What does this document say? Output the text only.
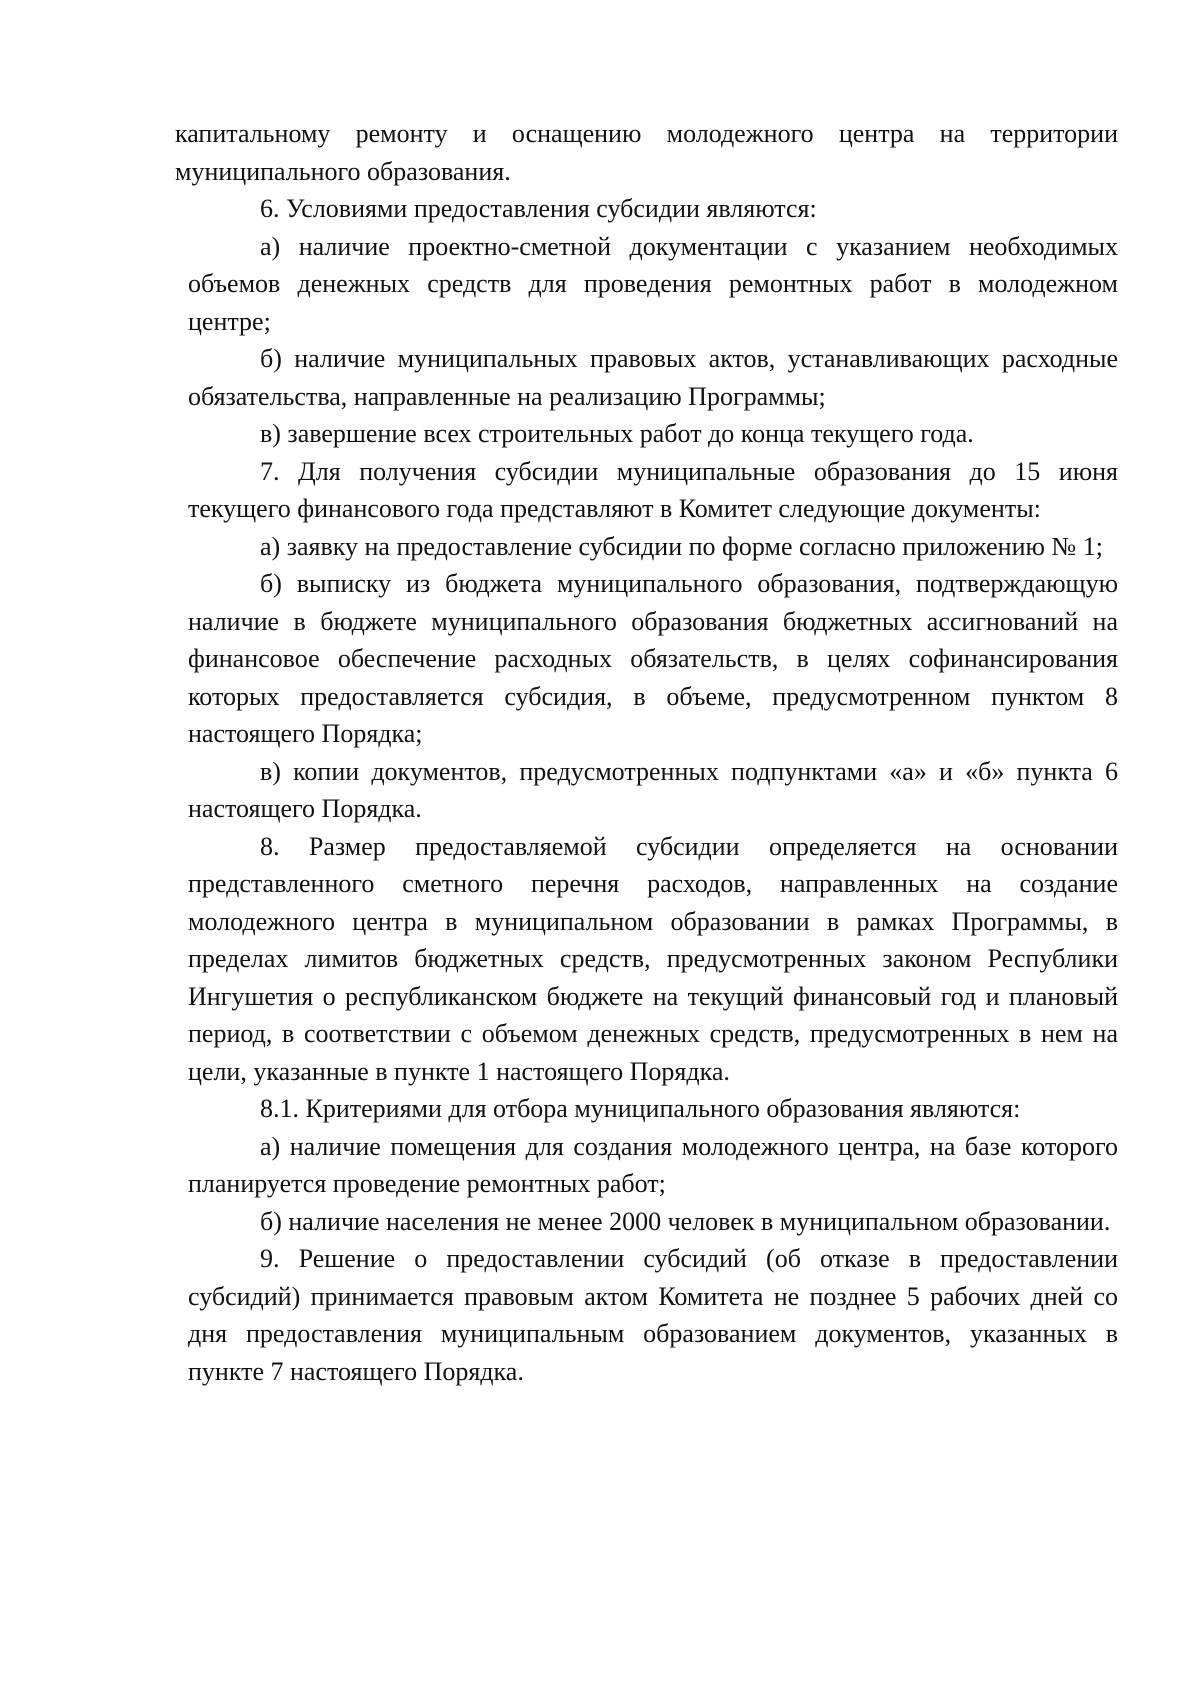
капитальному ремонту и оснащению молодежного центра на территории муниципального образования.

6. Условиями предоставления субсидии являются:

а) наличие проектно-сметной документации с указанием необходимых объемов денежных средств для проведения ремонтных работ в молодежном центре;

б) наличие муниципальных правовых актов, устанавливающих расходные обязательства, направленные на реализацию Программы;

в) завершение всех строительных работ до конца текущего года.

7. Для получения субсидии муниципальные образования до 15 июня текущего финансового года представляют в Комитет следующие документы:

а) заявку на предоставление субсидии по форме согласно приложению № 1;

б) выписку из бюджета муниципального образования, подтверждающую наличие в бюджете муниципального образования бюджетных ассигнований на финансовое обеспечение расходных обязательств, в целях софинансирования которых предоставляется субсидия, в объеме, предусмотренном пунктом 8 настоящего Порядка;

в) копии документов, предусмотренных подпунктами «а» и «б» пункта 6 настоящего Порядка.

8. Размер предоставляемой субсидии определяется на основании представленного сметного перечня расходов, направленных на создание молодежного центра в муниципальном образовании в рамках Программы, в пределах лимитов бюджетных средств, предусмотренных законом Республики Ингушетия о республиканском бюджете на текущий финансовый год и плановый период, в соответствии с объемом денежных средств, предусмотренных в нем на цели, указанные в пункте 1 настоящего Порядка.

8.1. Критериями для отбора муниципального образования являются:

а) наличие помещения для создания молодежного центра, на базе которого планируется проведение ремонтных работ;

б) наличие населения не менее 2000 человек в муниципальном образовании.

9. Решение о предоставлении субсидий (об отказе в предоставлении субсидий) принимается правовым актом Комитета не позднее 5 рабочих дней со дня предоставления муниципальным образованием документов, указанных в пункте 7 настоящего Порядка.
